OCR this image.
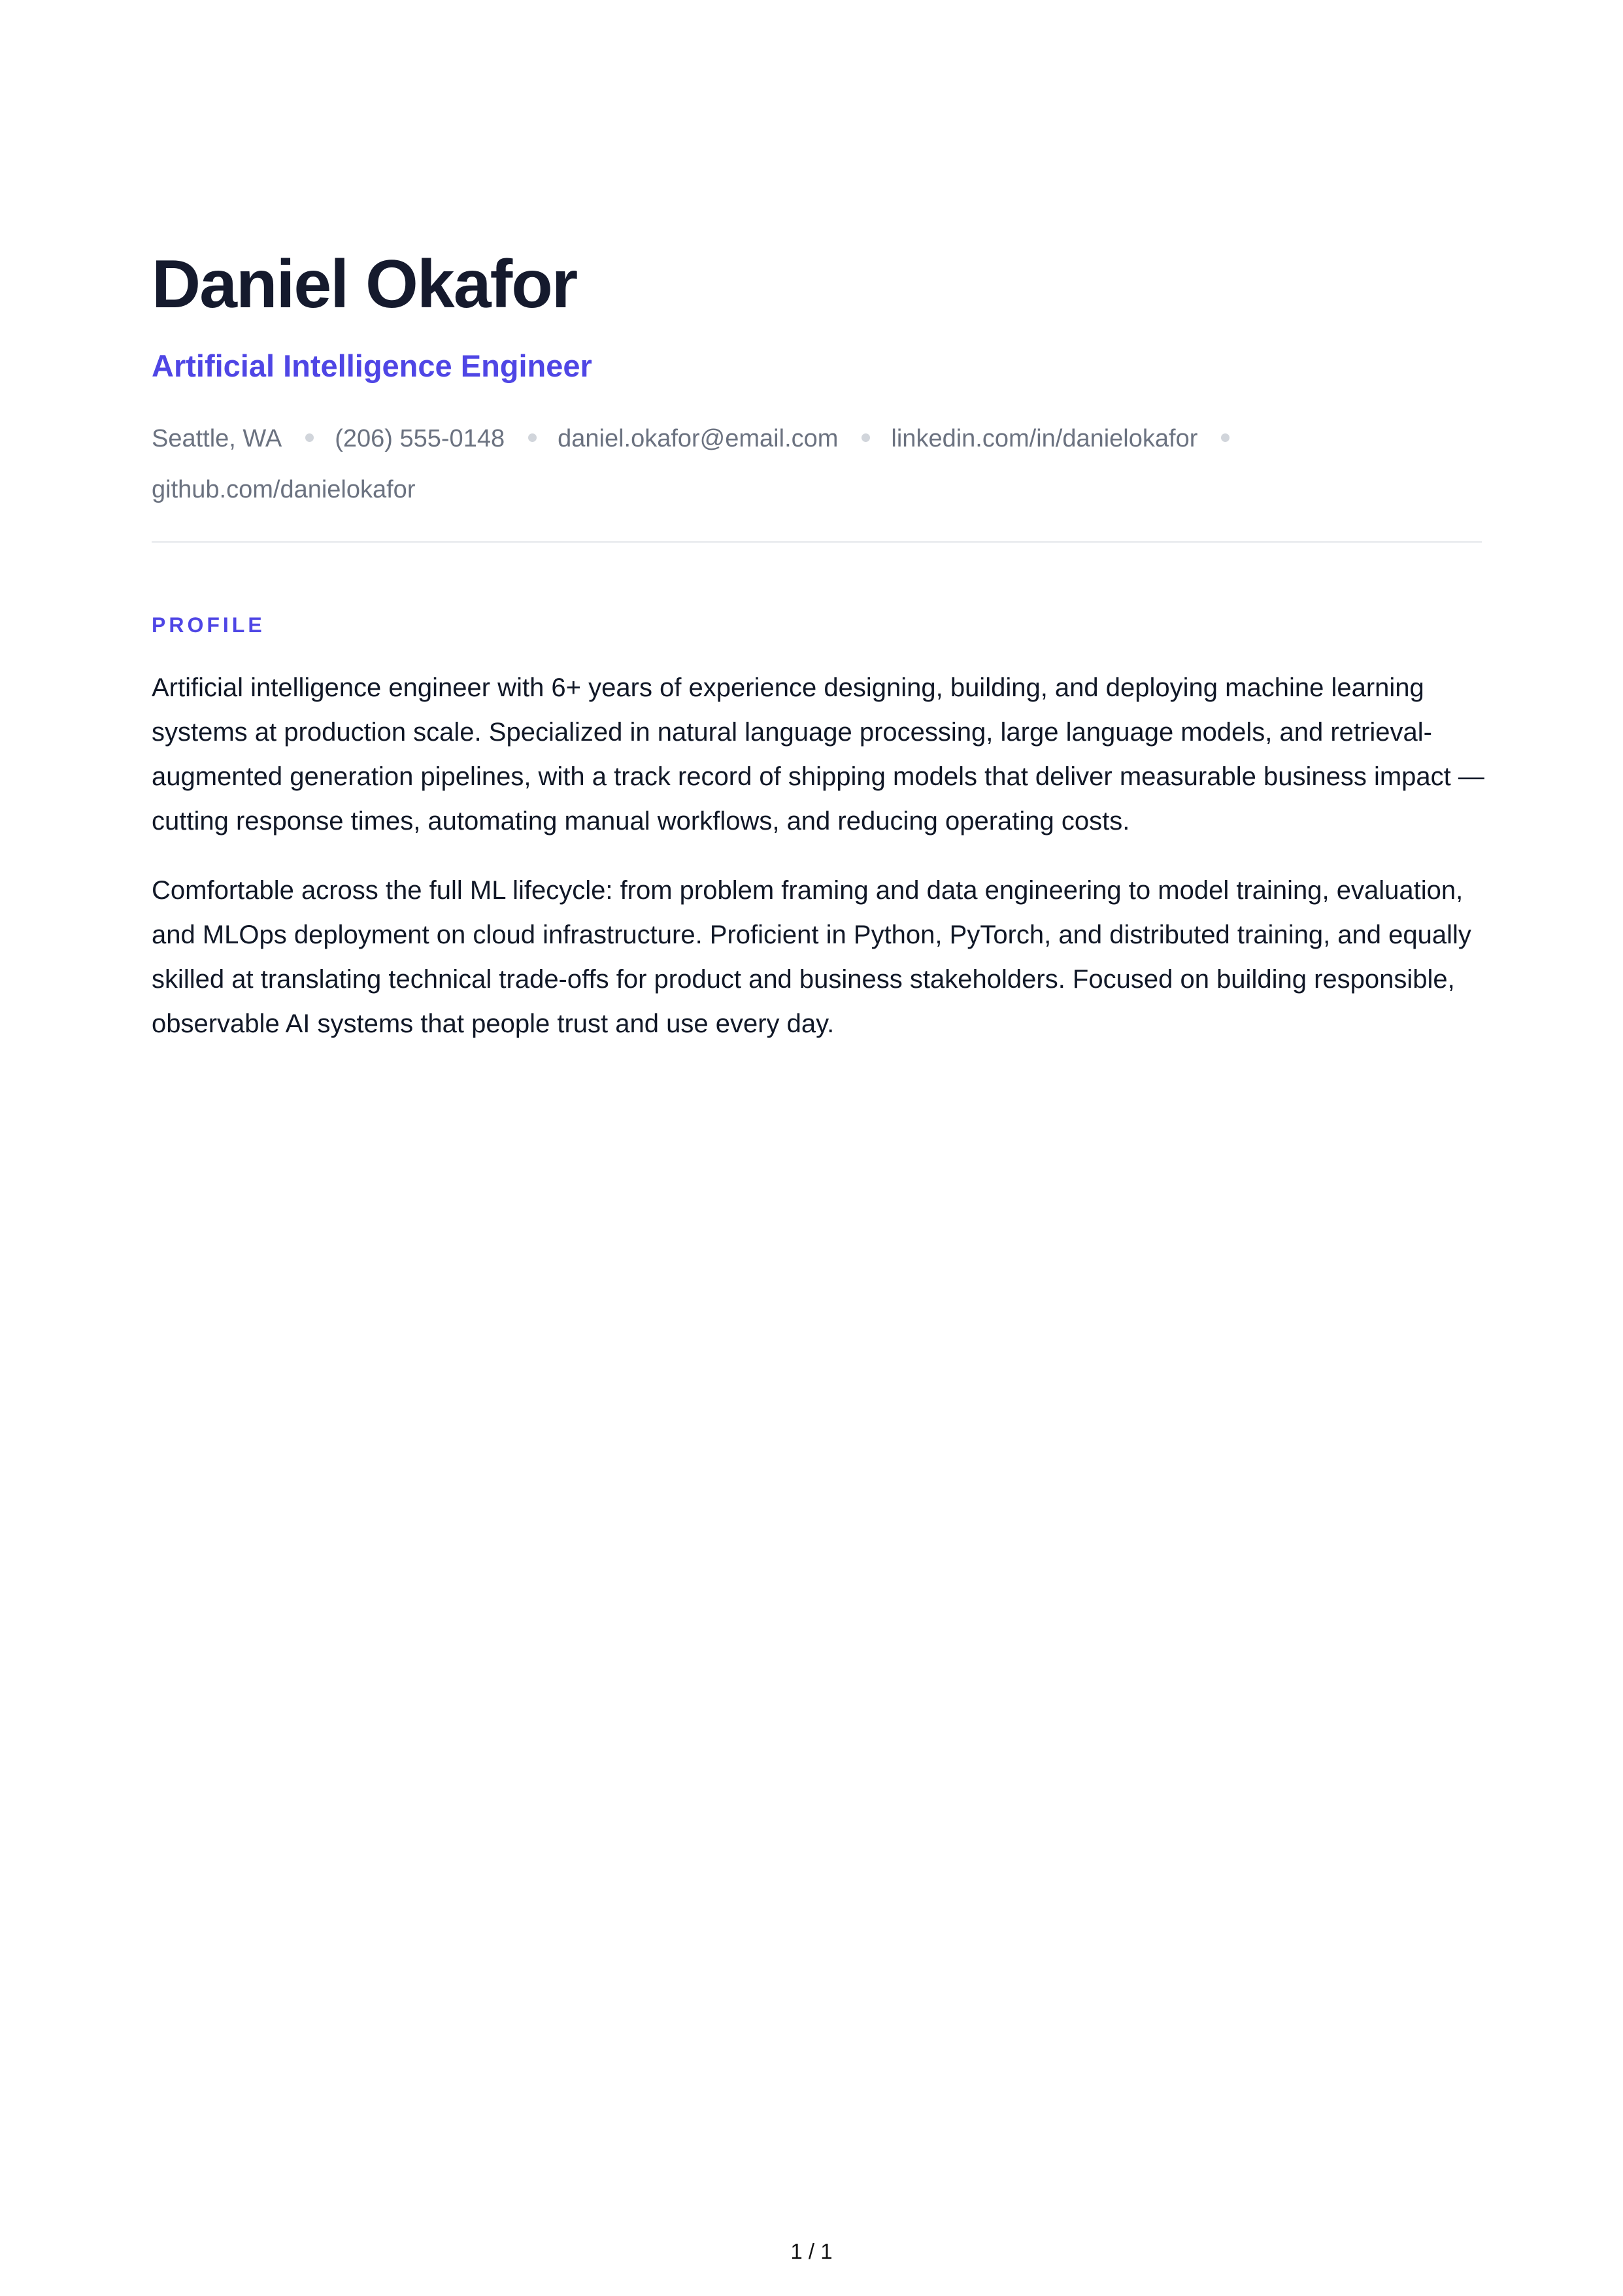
Daniel Okafor
Artificial Intelligence Engineer
Seattle, WA (206) 555-0148 daniel.okafor@email.com linkedin.com/in/danielokaforgithub.com/danielokafor
PROFILE

Artificial intelligence engineer with 6+ years of experience designing, building, and deploying machine learning systems at production scale. Specialized in natural language processing, large language models, and retrieval-augmented generation pipelines, with a track record of shipping models that deliver measurable business impact — cutting response times, automating manual workflows, and reducing operating costs.

Comfortable across the full ML lifecycle: from problem framing and data engineering to model training, evaluation, and MLOps deployment on cloud infrastructure. Proficient in Python, PyTorch, and distributed training, and equally skilled at translating technical trade-offs for product and business stakeholders. Focused on building responsible, observable AI systems that people trust and use every day.

1 / 1
